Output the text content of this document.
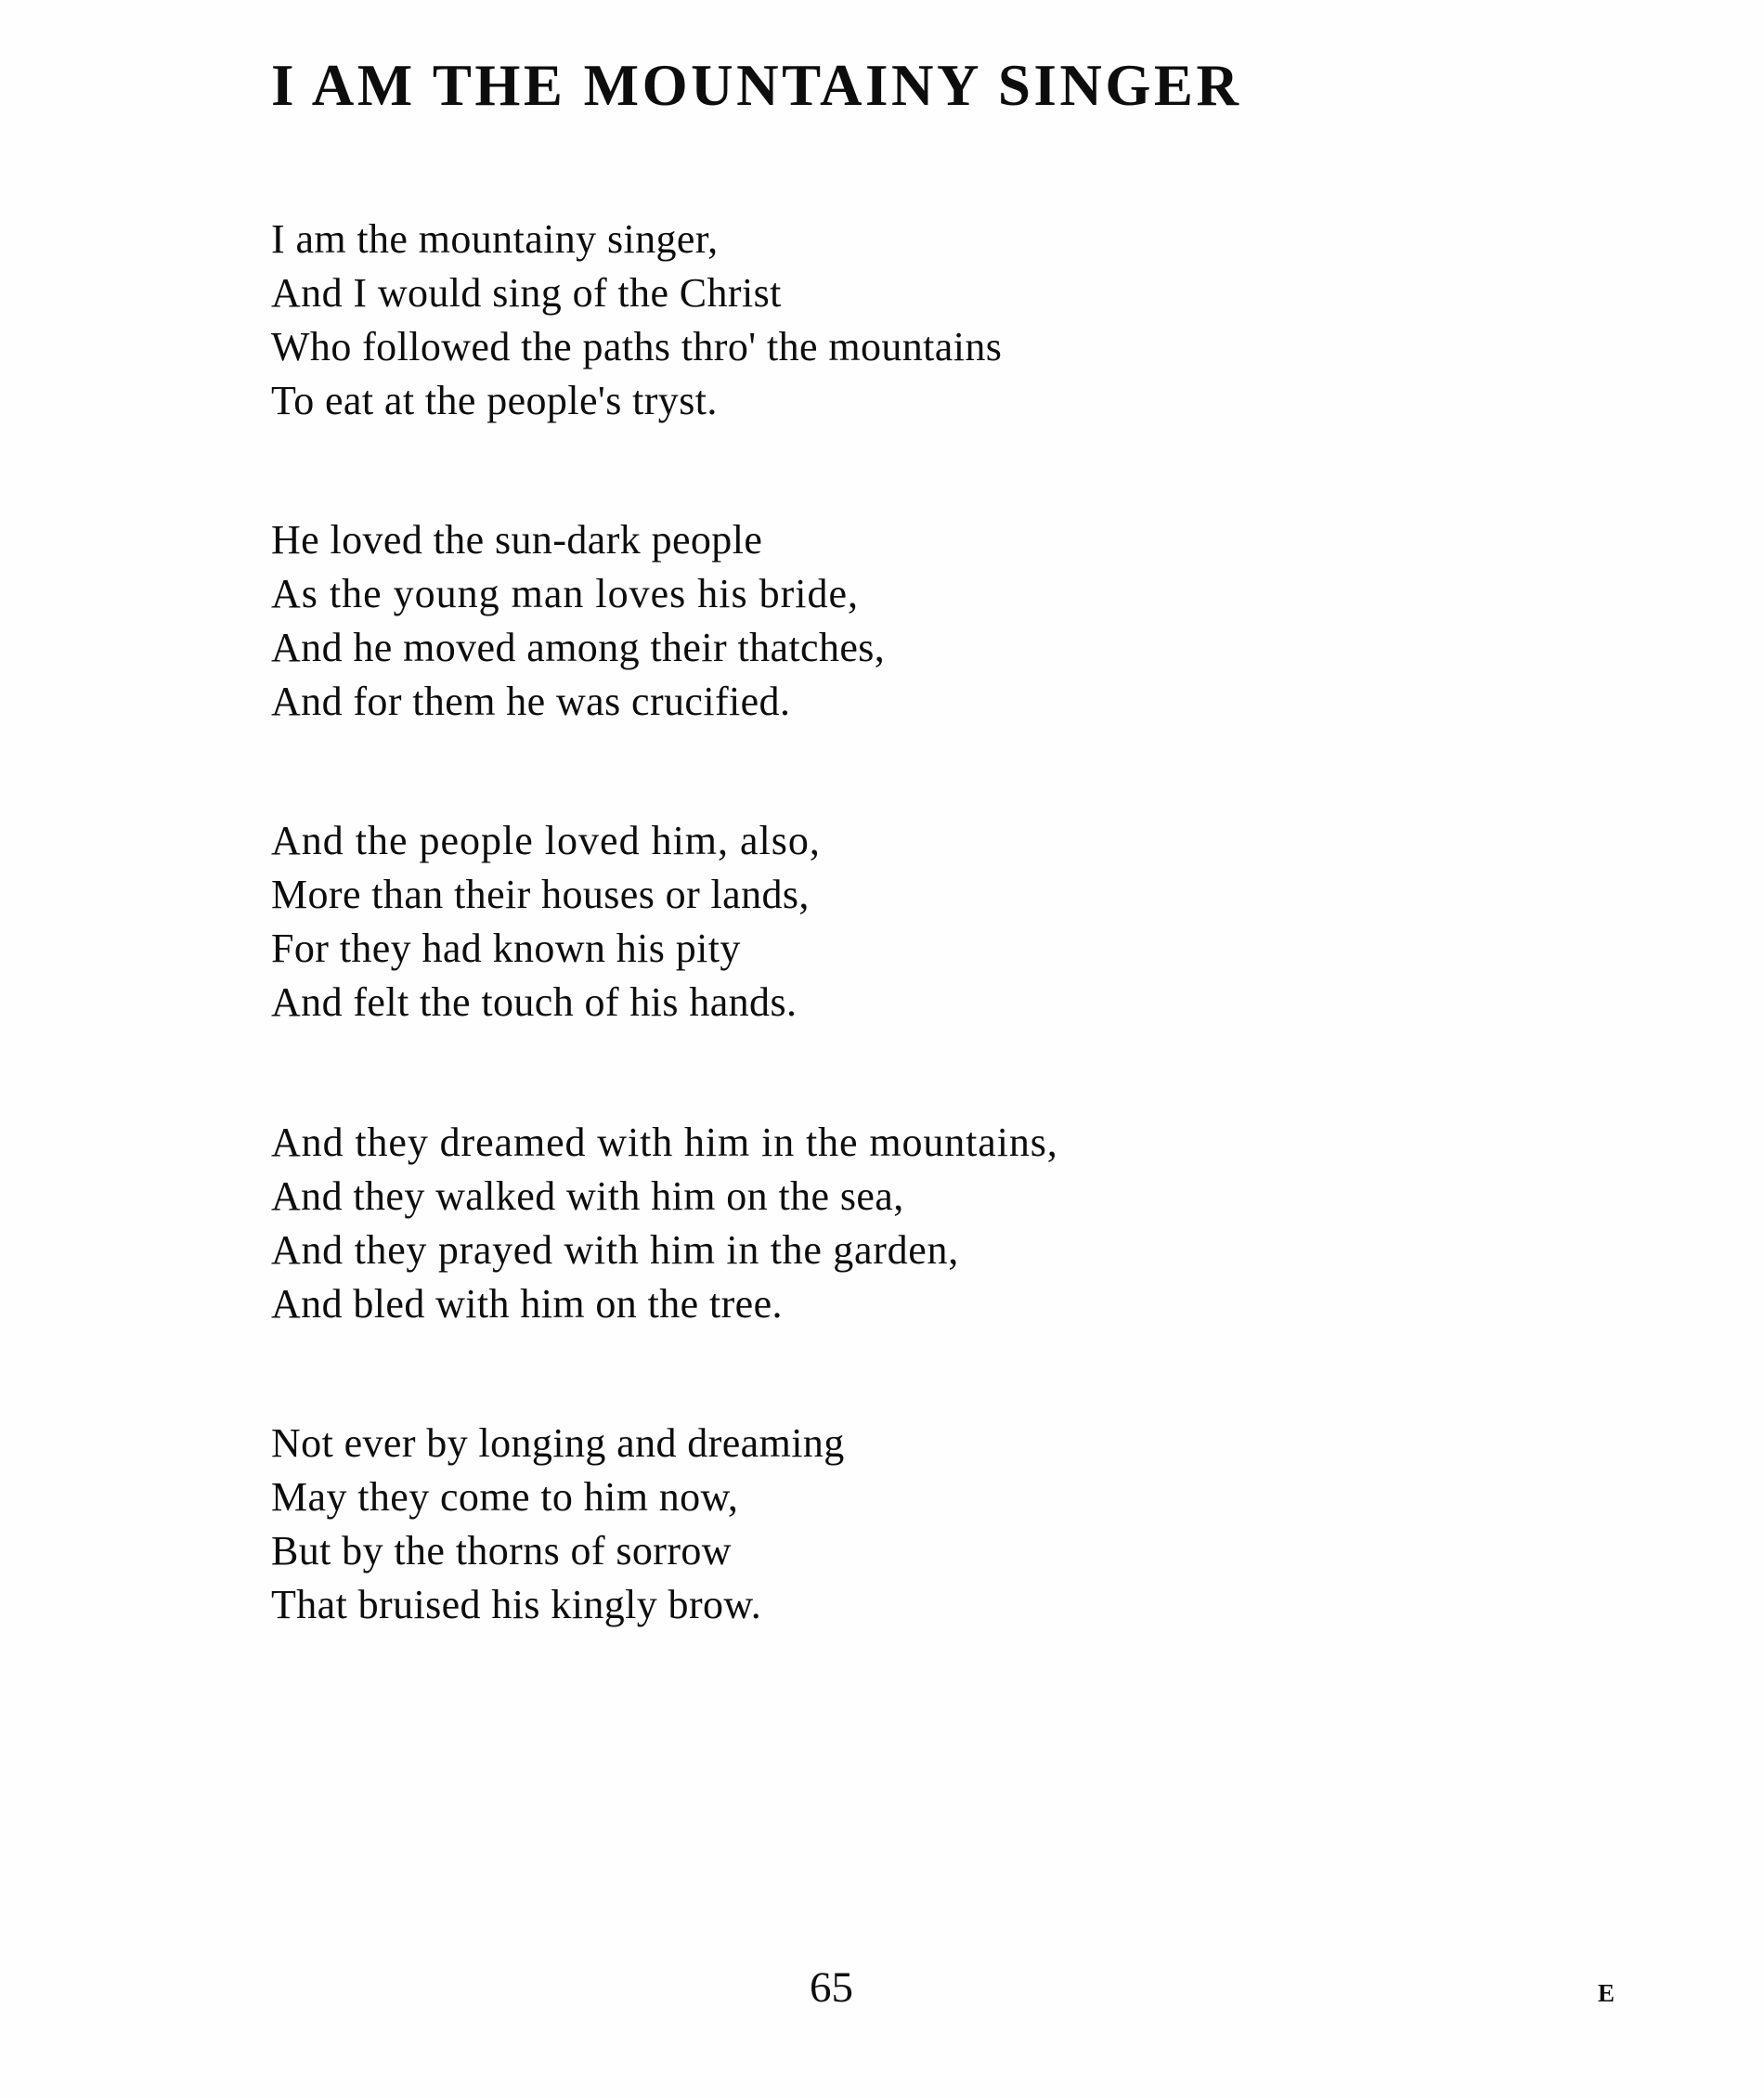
I AM THE MOUNTAINY SINGER
I am the mountainy singer,
And I would sing of the Christ
Who followed the paths thro' the mountains
To eat at the people's tryst.
He loved the sun-dark people
As the young man loves his bride,
And he moved among their thatches,
And for them he was crucified.
And the people loved him, also,
More than their houses or lands,
For they had known his pity
And felt the touch of his hands.
And they dreamed with him in the mountains,
And they walked with him on the sea,
And they prayed with him in the garden,
And bled with him on the tree.
Not ever by longing and dreaming
May they come to him now,
But by the thorns of sorrow
That bruised his kingly brow.
65	E
